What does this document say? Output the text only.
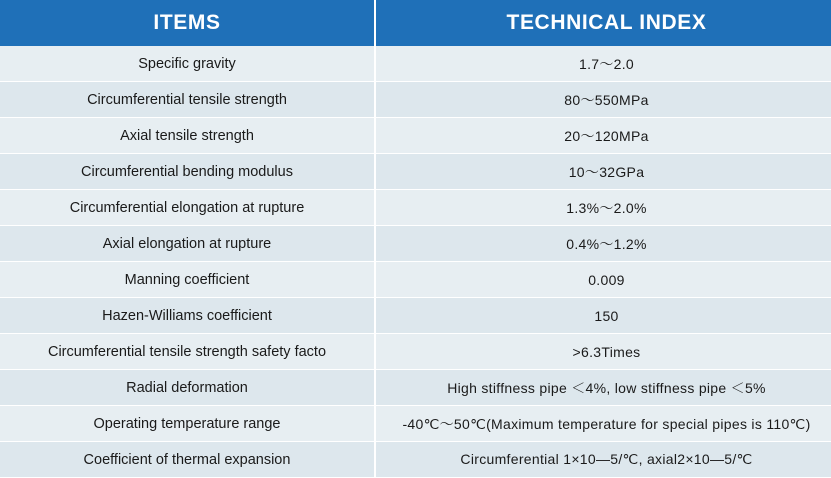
ITEMS	TECHNICAL INDEX
Specific gravity	1.7～2.0
Circumferential tensile strength	80～550MPa
Axial tensile strength	20～120MPa
Circumferential bending modulus	10～32GPa
Circumferential elongation at rupture	1.3%～2.0%
Axial elongation at rupture	0.4%～1.2%
Manning coefficient	0.009
Hazen-Williams coefficient	150
Circumferential tensile strength safety facto	>6.3Times
Radial deformation	High stiffness pipe ＜4%, low stiffness pipe ＜5%
Operating temperature range	-40℃～50℃(Maximum temperature for special pipes is 110℃)
Coefficient of thermal expansion	Circumferential 1×10—5/℃, axial2×10—5/℃
